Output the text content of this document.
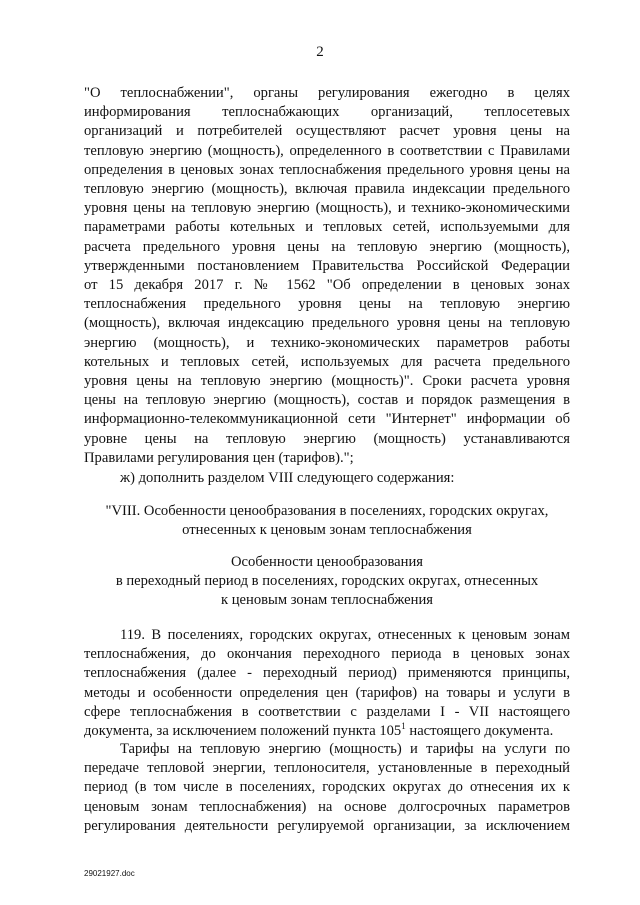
2
"О теплоснабжении", органы регулирования ежегодно в целях
информирования теплоснабжающих организаций, теплосетевых
организаций и потребителей осуществляют расчет уровня цены на
тепловую энергию (мощность), определенного в соответствии с Правилами
определения в ценовых зонах теплоснабжения предельного уровня цены на
тепловую энергию (мощность), включая правила индексации предельного
уровня цены на тепловую энергию (мощность), и технико-экономическими
параметрами работы котельных и тепловых сетей, используемыми для
расчета предельного уровня цены на тепловую энергию (мощность),
утвержденными постановлением Правительства Российской Федерации
от 15 декабря 2017 г. № 1562 "Об определении в ценовых зонах
теплоснабжения предельного уровня цены на тепловую энергию
(мощность), включая индексацию предельного уровня цены на тепловую
энергию (мощность), и технико-экономических параметров работы
котельных и тепловых сетей, используемых для расчета предельного
уровня цены на тепловую энергию (мощность)". Сроки расчета уровня
цены на тепловую энергию (мощность), состав и порядок размещения в
информационно-телекоммуникационной сети "Интернет" информации об
уровне цены на тепловую энергию (мощность) устанавливаются
Правилами регулирования цен (тарифов).";
ж) дополнить разделом VIII следующего содержания:
"VIII. Особенности ценообразования в поселениях, городских округах,
отнесенных к ценовым зонам теплоснабжения
Особенности ценообразования
в переходный период в поселениях, городских округах, отнесенных
к ценовым зонам теплоснабжения
119. В поселениях, городских округах, отнесенных к ценовым зонам
теплоснабжения, до окончания переходного периода в ценовых зонах
теплоснабжения (далее - переходный период) применяются принципы,
методы и особенности определения цен (тарифов) на товары и услуги в
сфере теплоснабжения в соответствии с разделами I - VII настоящего
документа, за исключением положений пункта $105^1$ настоящего документа.
Тарифы на тепловую энергию (мощность) и тарифы на услуги по
передаче тепловой энергии, теплоносителя, установленные в переходный
период (в том числе в поселениях, городских округах до отнесения их к
ценовым зонам теплоснабжения) на основе долгосрочных параметров
регулирования деятельности регулируемой организации, за исключением
29021927.doc
